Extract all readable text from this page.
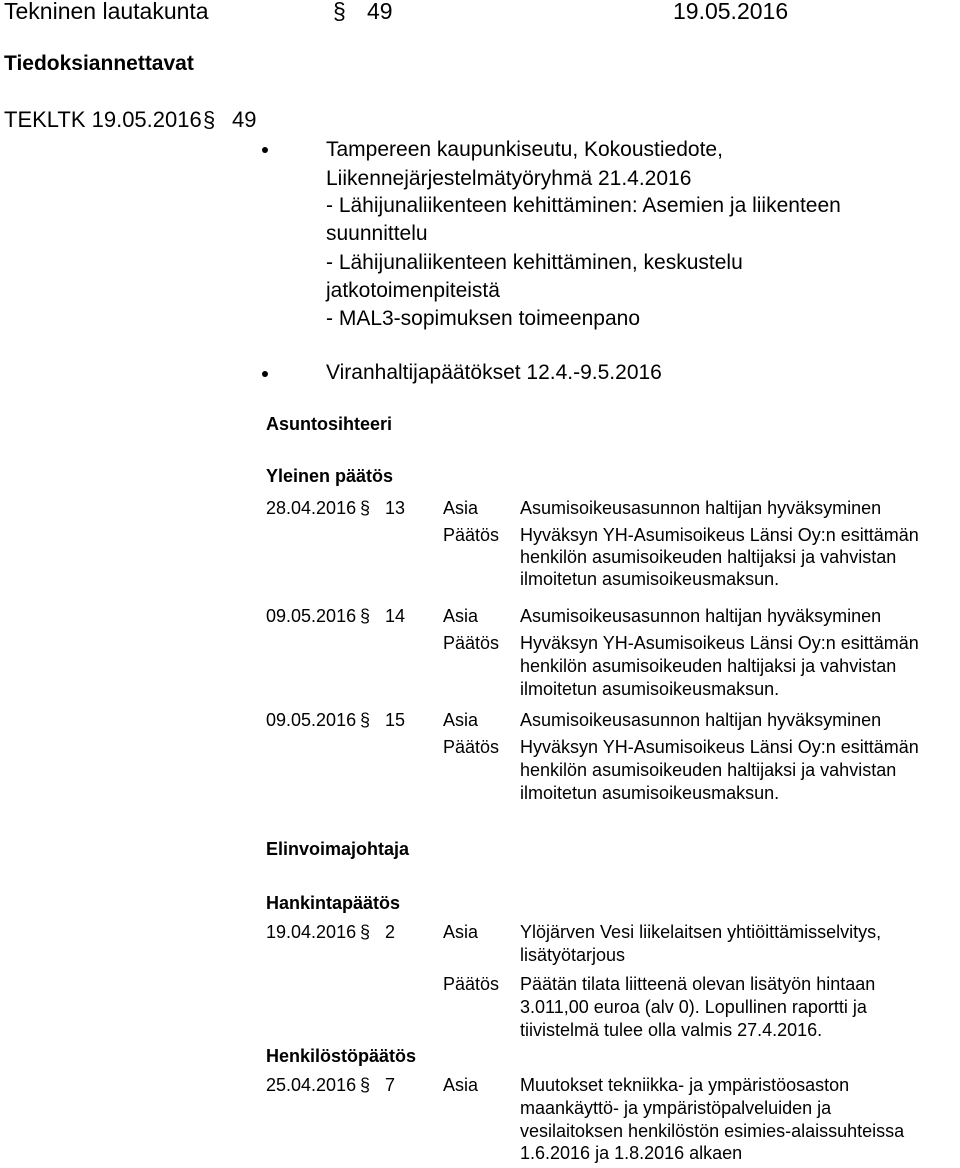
Tekninen lautakunta	§ 49	19.05.2016
Tiedoksiannettavat
TEKLTK 19.05.2016 § 49
Tampereen kaupunkiseutu, Kokoustiedote,
Liikennejärjestelmätyöryhmä 21.4.2016
- Lähijunaliikenteen kehittäminen: Asemien ja liikenteen
suunnittelu
- Lähijunaliikenteen kehittäminen, keskustelu
jatkotoimenpiteistä
- MAL3-sopimuksen toimeenpano
Viranhaltijapäätökset 12.4.-9.5.2016
Asuntosihteeri
Yleinen päätös
28.04.2016 § 13 Asia Asumisoikeusasunnon haltijan hyväksyminen
Päätös Hyväksyn YH-Asumisoikeus Länsi Oy:n esittämän
henkilön asumisoikeuden haltijaksi ja vahvistan
ilmoitetun asumisoikeusmaksun.
09.05.2016 § 14 Asia Asumisoikeusasunnon haltijan hyväksyminen
Päätös Hyväksyn YH-Asumisoikeus Länsi Oy:n esittämän
henkilön asumisoikeuden haltijaksi ja vahvistan
ilmoitetun asumisoikeusmaksun.
09.05.2016 § 15 Asia Asumisoikeusasunnon haltijan hyväksyminen
Päätös Hyväksyn YH-Asumisoikeus Länsi Oy:n esittämän
henkilön asumisoikeuden haltijaksi ja vahvistan
ilmoitetun asumisoikeusmaksun.
Elinvoimajohtaja
Hankintapäätös
19.04.2016 § 2	Asia Ylöjärven Vesi liikelaitsen yhtiöittämisselvitys,
lisätyötarjous
Päätös Päätän tilata liitteenä olevan lisätyön hintaan
3.011,00 euroa (alv 0). Lopullinen raportti ja
tiivistelmä tulee olla valmis 27.4.2016.
Henkilöstöpäätös
25.04.2016 § 7	Asia Muutokset tekniikka- ja ympäristöosaston
maankäyttö- ja ympäristöpalveluiden ja
vesilaitoksen henkilöstön esimies-alaissuhteissa
1.6.2016 ja 1.8.2016 alkaen
